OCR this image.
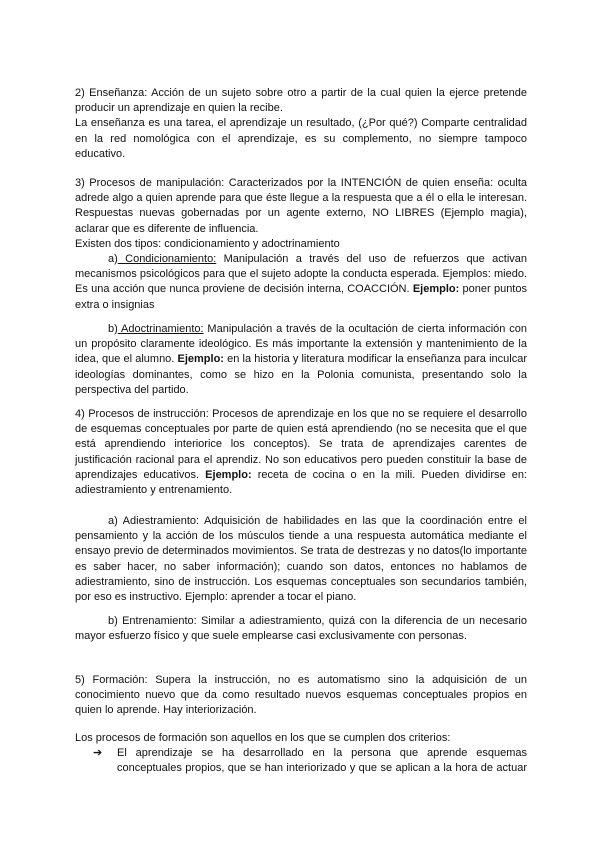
2) Enseñanza: Acción de un sujeto sobre otro a partir de la cual quien la ejerce pretende
producir un aprendizaje en quien la recibe.
La enseñanza es una tarea, el aprendizaje un resultado, (¿Por qué?) Comparte centralidad
en la red nomológica con el aprendizaje, es su complemento, no siempre tampoco
educativo.
3) Procesos de manipulación: Caracterizados por la INTENCIÓN de quien enseña: oculta
adrede algo a quien aprende para que éste llegue a la respuesta que a él o ella le interesan.
Respuestas nuevas gobernadas por un agente externo, NO LIBRES (Ejemplo magia),
aclarar que es diferente de influencia.
Existen dos tipos: condicionamiento y adoctrinamiento
a) Condicionamiento: Manipulación a través del uso de refuerzos que activan
mecanismos psicológicos para que el sujeto adopte la conducta esperada. Ejemplos: miedo.
Es una acción que nunca proviene de decisión interna, COACCIÓN. Ejemplo: poner puntos
extra o insignias
b) Adoctrinamiento: Manipulación a través de la ocultación de cierta información con
un propósito claramente ideológico. Es más importante la extensión y mantenimiento de la
idea, que el alumno. Ejemplo: en la historia y literatura modificar la enseñanza para inculcar
ideologías dominantes, como se hizo en la Polonia comunista, presentando solo la
perspectiva del partido.
4) Procesos de instrucción: Procesos de aprendizaje en los que no se requiere el desarrollo
de esquemas conceptuales por parte de quien está aprendiendo (no se necesita que el que
está aprendiendo interiorice los conceptos). Se trata de aprendizajes carentes de
justificación racional para el aprendiz. No son educativos pero pueden constituir la base de
aprendizajes educativos. Ejemplo: receta de cocina o en la mili. Pueden dividirse en:
adiestramiento y entrenamiento.
a) Adiestramiento: Adquisición de habilidades en las que la coordinación entre el
pensamiento y la acción de los músculos tiende a una respuesta automática mediante el
ensayo previo de determinados movimientos. Se trata de destrezas y no datos(lo importante
es saber hacer, no saber información); cuando son datos, entonces no hablamos de
adiestramiento, sino de instrucción. Los esquemas conceptuales son secundarios también,
por eso es instructivo. Ejemplo: aprender a tocar el piano.
b) Entrenamiento: Similar a adiestramiento, quizá con la diferencia de un necesario
mayor esfuerzo físico y que suele emplearse casi exclusivamente con personas.
5) Formación: Supera la instrucción, no es automatismo sino la adquisición de un
conocimiento nuevo que da como resultado nuevos esquemas conceptuales propios en
quien lo aprende. Hay interiorización.
Los procesos de formación son aquellos en los que se cumplen dos criterios:
➔ El aprendizaje se ha desarrollado en la persona que aprende esquemas
conceptuales propios, que se han interiorizado y que se aplican a la hora de actuar
